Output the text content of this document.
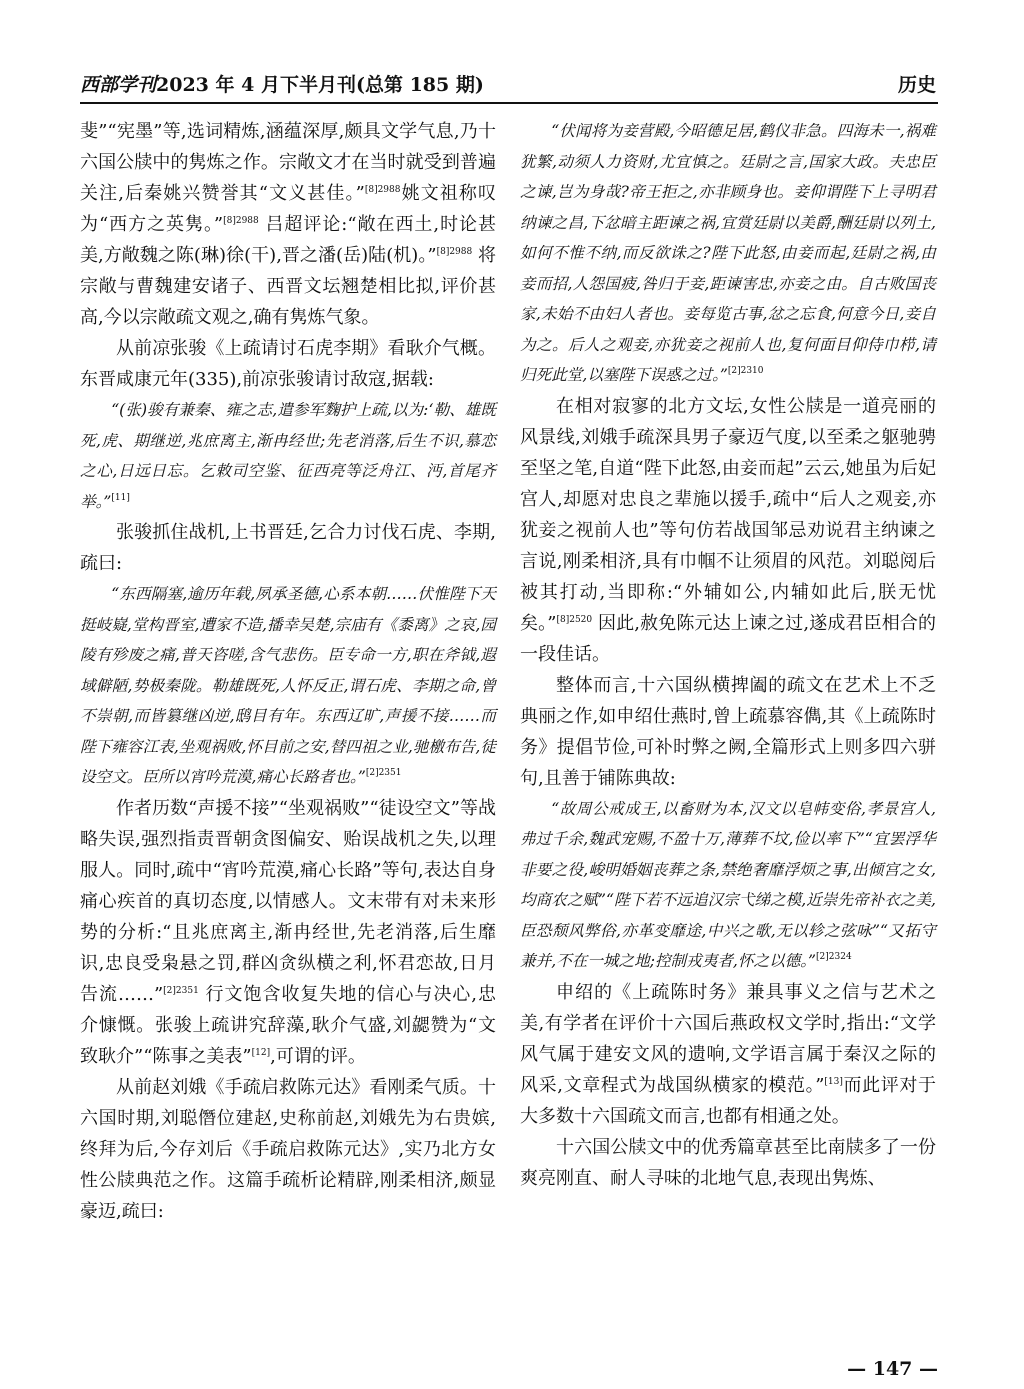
西部学刊2023 年 4 月下半月刊(总第 185 期)	历史

斐”“宪墨”等,选词精炼,涵蕴深厚,颇具文学气息,乃十六国公牍中的隽炼之作。宗敞文才在当时就受到普遍关注,后秦姚兴赞誉其“文义甚佳。”$^{[8]2988}$姚文祖称叹为“西方之英隽。”$^{[8]2988}$ 吕超评论:“敞在西土,时论甚美,方敞魏之陈(琳)徐(干),晋之潘(岳)陆(机)。”$^{[8]2988}$ 将宗敞与曹魏建安诸子、西晋文坛翘楚相比拟,评价甚高,今以宗敞疏文观之,确有隽炼气象。

从前凉张骏《上疏请讨石虎李期》看耿介气概。东晋咸康元年(335),前凉张骏请讨敌寇,据载:

“(张)骏有兼秦、雍之志,遣参军麴护上疏,以为:‘勒、雄既死,虎、期继逆,兆庶离主,渐冉经世;先老消落,后生不识,慕恋之心,日远日忘。乞敕司空鉴、征西亮等泛舟江、沔,首尾齐举。”[11]

张骏抓住战机,上书晋廷,乞合力讨伐石虎、李期,疏曰:

“东西隔塞,逾历年载,夙承圣德,心系本朝……伏惟陛下天挺岐嶷,堂构晋室,遭家不造,播幸吴楚,宗庙有《黍离》之哀,园陵有殄废之痛,普天咨嗟,含气悲伤。臣专命一方,职在斧钺,遐域僻陋,势极秦陇。勒雄既死,人怀反正,谓石虎、李期之命,曾不崇朝,而皆篡继凶逆,鸱目有年。东西辽旷,声援不接……而陛下雍容江表,坐观祸败,怀目前之安,替四祖之业,驰檄布告,徒设空文。臣所以宵吟荒漠,痛心长路者也。”$^{[2]2351}$

作者历数“声援不接”“坐观祸败”“徒设空文”等战略失误,强烈指责晋朝贪图偏安、贻误战机之失,以理服人。同时,疏中“宵吟荒漠,痛心长路”等句,表达自身痛心疾首的真切态度,以情感人。文末带有对未来形势的分析:“且兆庶离主,渐冉经世,先老消落,后生靡识,忠良受枭悬之罚,群凶贪纵横之利,怀君恋故,日月告流……”$^{[2]2351}$ 行文饱含收复失地的信心与决心,忠介慷慨。张骏上疏讲究辞藻,耿介气盛,刘勰赞为“文致耿介”“陈事之美表”[12],可谓的评。

从前赵刘娥《手疏启救陈元达》看刚柔气质。十六国时期,刘聪僭位建赵,史称前赵,刘娥先为右贵嫔,终拜为后,今存刘后《手疏启救陈元达》,实乃北方女性公牍典范之作。这篇手疏析论精辟,刚柔相济,颇显豪迈,疏曰:

“伏闻将为妾营殿,今昭德足居,鹤仪非急。四海未一,祸难犹繁,动须人力资财,尤宜慎之。廷尉之言,国家大政。夫忠臣之谏,岂为身哉?帝王拒之,亦非顾身也。妾仰谓陛下上寻明君纳谏之昌,下忿暗主距谏之祸,宜赏廷尉以美爵,酬廷尉以列土,如何不惟不纳,而反欲诛之?陛下此怒,由妾而起,廷尉之祸,由妾而招,人怨国疲,咎归于妾,距谏害忠,亦妾之由。自古败国丧家,未始不由妇人者也。妾每览古事,忿之忘食,何意今日,妾自为之。后人之观妾,亦犹妾之视前人也,复何面目仰侍巾栉,请归死此堂,以塞陛下误惑之过。”$^{[2]2310}$

在相对寂寥的北方文坛,女性公牍是一道亮丽的风景线,刘娥手疏深具男子豪迈气度,以至柔之躯驰骋至坚之笔,自道“陛下此怒,由妾而起”云云,她虽为后妃宫人,却愿对忠良之辈施以援手,疏中“后人之观妾,亦犹妾之视前人也”等句仿若战国邹忌劝说君主纳谏之言说,刚柔相济,具有巾帼不让须眉的风范。刘聪阅后被其打动,当即称:“外辅如公,内辅如此后,朕无忧矣。”$^{[8]2520}$ 因此,赦免陈元达上谏之过,遂成君臣相合的一段佳话。

整体而言,十六国纵横捭阖的疏文在艺术上不乏典丽之作,如申绍仕燕时,曾上疏慕容儁,其《上疏陈时务》提倡节俭,可补时弊之阙,全篇形式上则多四六骈句,且善于铺陈典故:

“故周公戒成王,以畜财为本,汉文以皂帏变俗,孝景宫人,弗过千余,魏武宠赐,不盈十万,薄葬不坟,俭以率下”“宜罢浮华非要之役,峻明婚姻丧葬之条,禁绝奢靡浮烦之事,出倾宫之女,均商农之赋”“陛下若不远追汉宗弋绨之模,近崇先帝补衣之美,臣恐颓风弊俗,亦革变靡途,中兴之歌,无以轸之弦咏”“又拓守兼并,不在一城之地;控制戎夷者,怀之以德。”$^{[2]2324}$

申绍的《上疏陈时务》兼具事义之信与艺术之美,有学者在评价十六国后燕政权文学时,指出:“文学风气属于建安文风的遗响,文学语言属于秦汉之际的风采,文章程式为战国纵横家的模范。”[13]而此评对于大多数十六国疏文而言,也都有相通之处。

十六国公牍文中的优秀篇章甚至比南牍多了一份爽亮刚直、耐人寻味的北地气息,表现出隽炼、

— 147 —
